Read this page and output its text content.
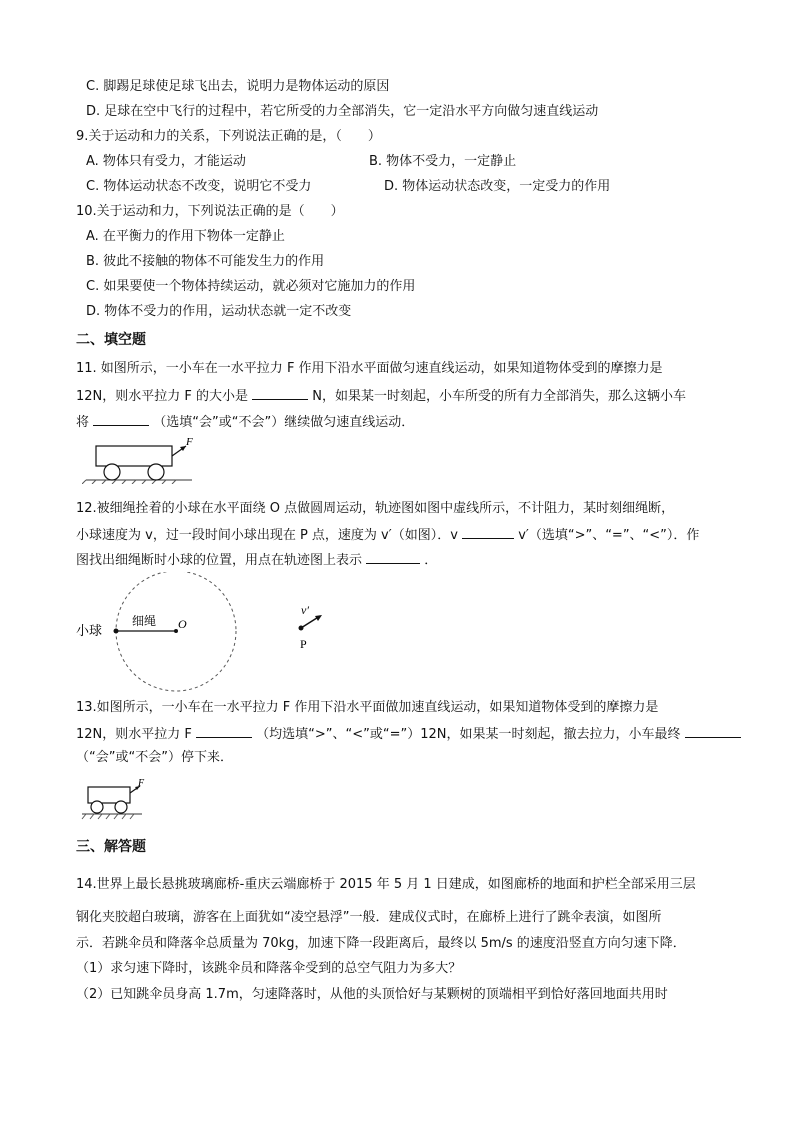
C. 脚踢足球使足球飞出去，说明力是物体运动的原因
D. 足球在空中飞行的过程中，若它所受的力全部消失，它一定沿水平方向做匀速直线运动
9.关于运动和力的关系，下列说法正确的是，（　　）
A. 物体只有受力，才能运动	B. 物体不受力，一定静止
C. 物体运动状态不改变，说明它不受力	D. 物体运动状态改变，一定受力的作用
10.关于运动和力，下列说法正确的是（　　）
A. 在平衡力的作用下物体一定静止
B. 彼此不接触的物体不可能发生力的作用
C. 如果要使一个物体持续运动，就必须对它施加力的作用
D. 物体不受力的作用，运动状态就一定不改变
二、填空题
11. 如图所示，一小车在一水平拉力 F 作用下沿水平面做匀速直线运动，如果知道物体受到的摩擦力是
12N，则水平拉力 F 的大小是	N，如果某一时刻起，小车所受的所有力全部消失，那么这辆小车
将	（选填“会”或“不会”）继续做匀速直线运动．
F
12.被细绳拴着的小球在水平面绕 O 点做圆周运动，轨迹图如图中虚线所示，不计阻力，某时刻细绳断，
小球速度为 v，过一段时间小球出现在 P 点，速度为 v′（如图）．v	v′（选填“>”、“=”、“<”）．作
图找出细绳断时小球的位置，用点在轨迹图上表示	．
小球
细绳 O
v′
P
13.如图所示，一小车在一水平拉力 F 作用下沿水平面做加速直线运动，如果知道物体受到的摩擦力是
12N，则水平拉力 F	（均选填“>”、“<”或“=”）12N，如果某一时刻起，撤去拉力，小车最终
（“会”或“不会”）停下来．
F
三、解答题
14.世界上最长悬挑玻璃廊桥-重庆云端廊桥于 2015 年 5 月 1 日建成，如图廊桥的地面和护栏全部采用三层
钢化夹胶超白玻璃，游客在上面犹如“凌空悬浮”一般．建成仪式时，在廊桥上进行了跳伞表演，如图所
示．若跳伞员和降落伞总质量为 70kg，加速下降一段距离后，最终以 5m/s 的速度沿竖直方向匀速下降．
（1）求匀速下降时，该跳伞员和降落伞受到的总空气阻力为多大？
（2）已知跳伞员身高 1.7m，匀速降落时，从他的头顶恰好与某颗树的顶端相平到恰好落回地面共用时
